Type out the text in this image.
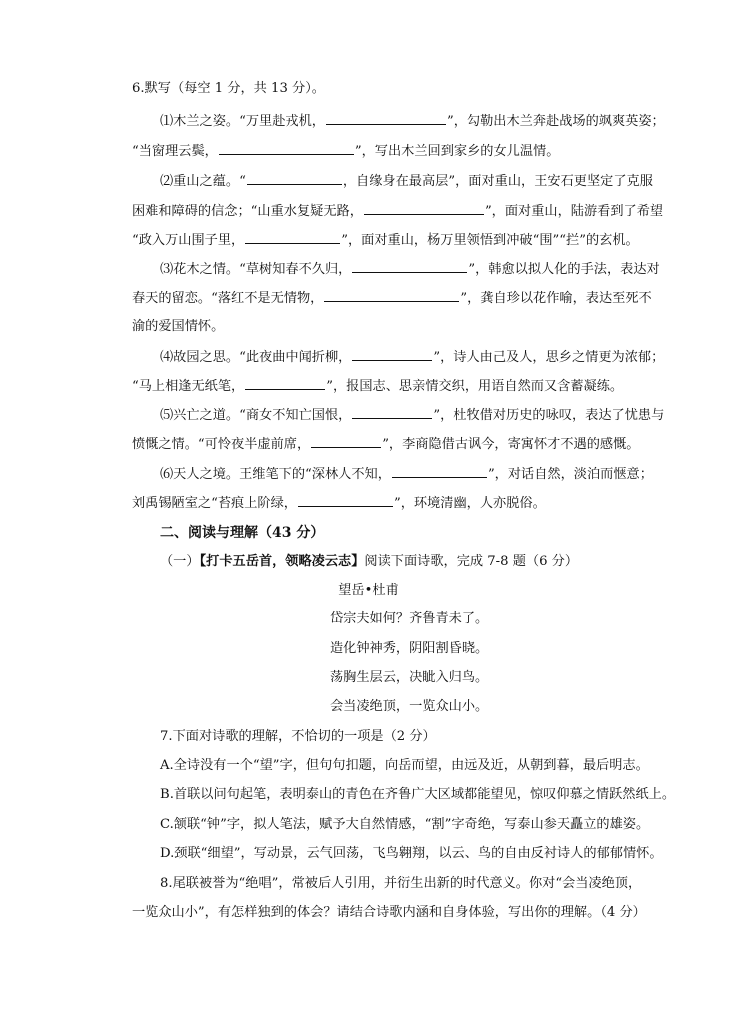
6.默写（每空 1 分，共 13 分）。
⑴木兰之姿。“万里赴戎机，	”，勾勒出木兰奔赴战场的飒爽英姿；
“当窗理云鬓，	”，写出木兰回到家乡的女儿温情。
⑵重山之蕴。“	，自缘身在最高层”，面对重山，王安石更坚定了克服
困难和障碍的信念；“山重水复疑无路，	”，面对重山，陆游看到了希望
“政入万山围子里，	”，面对重山，杨万里领悟到冲破“围”“拦”的玄机。
⑶花木之情。“草树知春不久归，	”，韩愈以拟人化的手法，表达对
春天的留恋。“落红不是无情物，	”，龚自珍以花作喻，表达至死不
渝的爱国情怀。
⑷故园之思。“此夜曲中闻折柳，	”，诗人由己及人，思乡之情更为浓郁；
“马上相逢无纸笔，	”，报国志、思亲情交织，用语自然而又含蓄凝练。
⑸兴亡之道。“商女不知亡国恨，	”，杜牧借对历史的咏叹，表达了忧患与
愤慨之情。“可怜夜半虚前席，	”，李商隐借古讽今，寄寓怀才不遇的感慨。
⑹天人之境。王维笔下的“深林人不知，	”，对话自然，淡泊而惬意；
刘禹锡陋室之“苔痕上阶绿，	”，环境清幽，人亦脱俗。
二、阅读与理解（43 分）
（一）【打卡五岳首，领略凌云志】阅读下面诗歌，完成 7-8 题（6 分）
望岳•杜甫
岱宗夫如何？齐鲁青未了。
造化钟神秀，阴阳割昏晓。
荡胸生层云，决眦入归鸟。
会当凌绝顶，一览众山小。
7.下面对诗歌的理解，不恰切的一项是（2 分）
A.全诗没有一个“望”字，但句句扣题，向岳而望，由远及近，从朝到暮，最后明志。
B.首联以问句起笔，表明泰山的青色在齐鲁广大区域都能望见，惊叹仰慕之情跃然纸上。
C.颔联“钟”字，拟人笔法，赋予大自然情感，“割”字奇绝，写泰山参天矗立的雄姿。
D.颈联“细望”，写动景，云气回荡，飞鸟翱翔，以云、鸟的自由反衬诗人的郁郁情怀。
8.尾联被誉为“绝唱”，常被后人引用，并衍生出新的时代意义。你对“会当凌绝顶，
一览众山小”，有怎样独到的体会？请结合诗歌内涵和自身体验，写出你的理解。（4 分）
